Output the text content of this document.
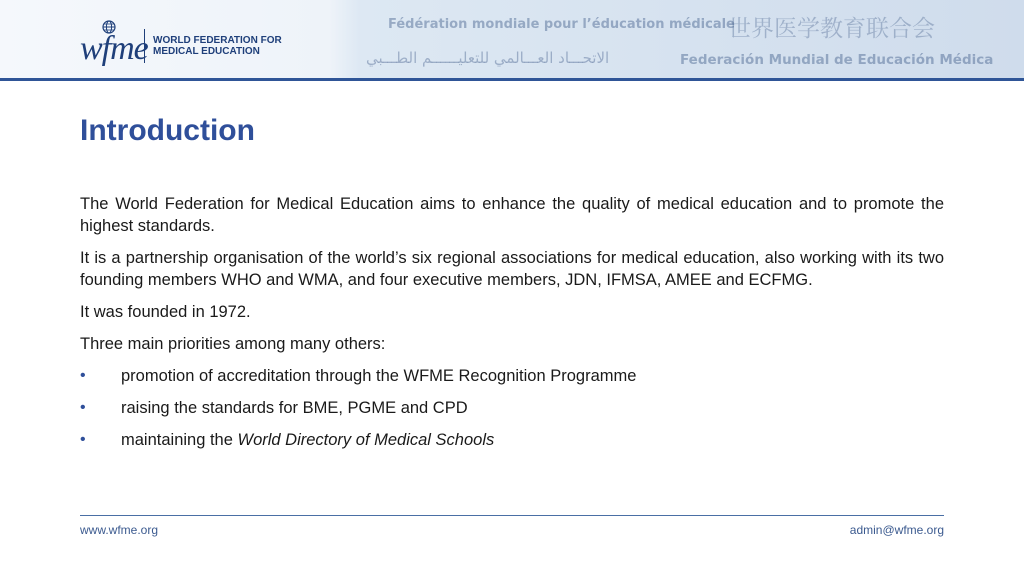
wfme WORLD FEDERATION FOR
MEDICAL EDUCATION
Fédération mondiale pour l’éducation médicale
世界医学教育联合会
الاتحـــاد العـــالمي للتعليــــــم الطـــبي	Federación Mundial de Educación Médica
Introduction

The World Federation for Medical Education aims to enhance the quality of medical education and to promote the highest standards.

It is a partnership organisation of the world’s six regional associations for medical education, also working with its two founding members WHO and WMA, and four executive members, JDN, IFMSA, AMEE and ECFMG.

It was founded in 1972.

Three main priorities among many others:

• promotion of accreditation through the WFME Recognition Programme
• raising the standards for BME, PGME and CPD
• maintaining the World Directory of Medical Schools
www.wfme.org	admin@wfme.org
